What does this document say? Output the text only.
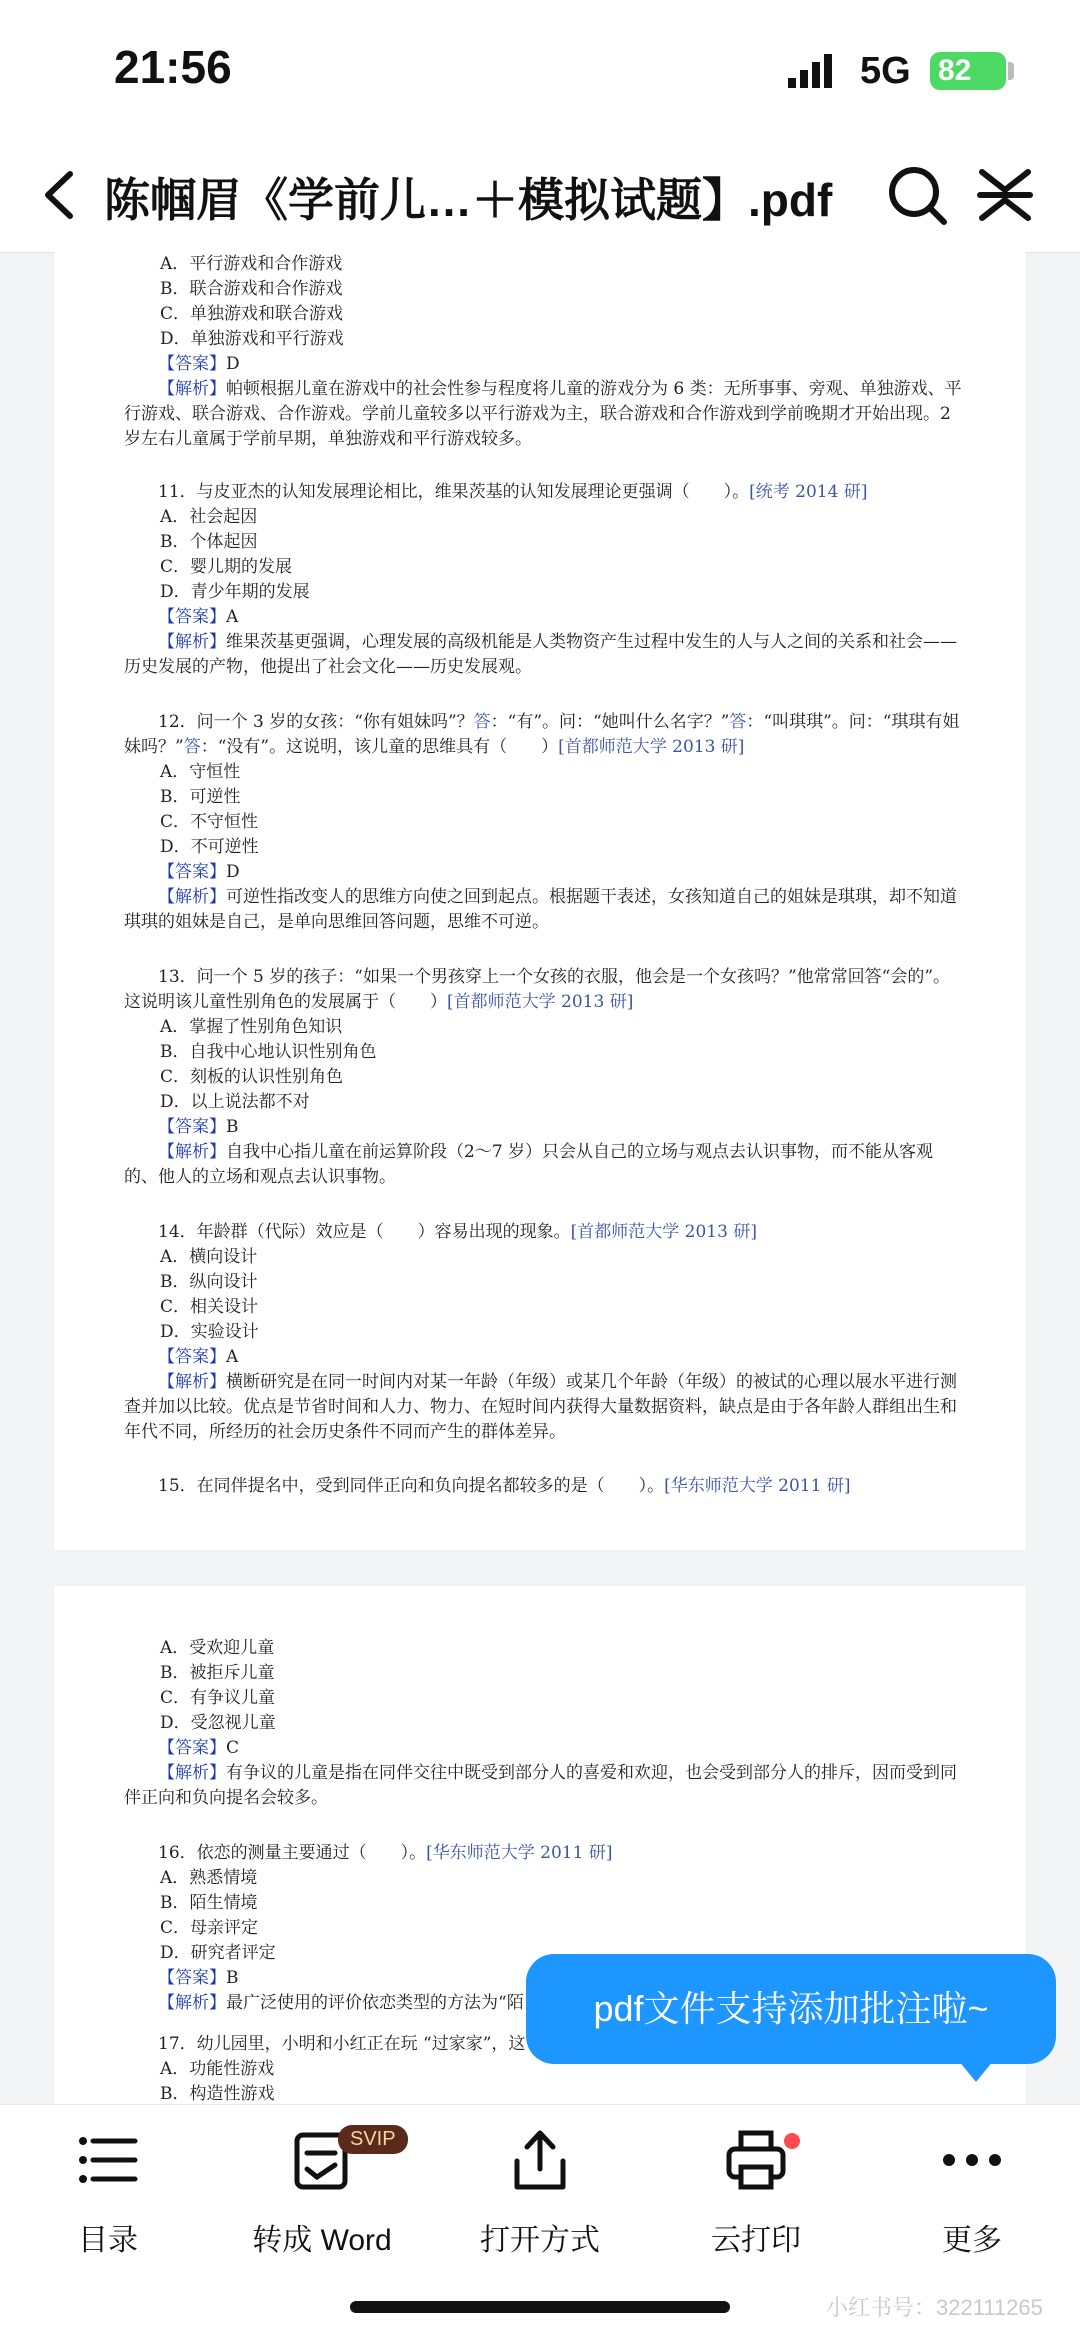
21:56	5G 82
陈帼眉《学前儿…＋模拟试题】.pdf
A．平行游戏和合作游戏
B．联合游戏和合作游戏
C．单独游戏和联合游戏
D．单独游戏和平行游戏
【答案】D
【解析】帕顿根据儿童在游戏中的社会性参与程度将儿童的游戏分为 6 类：无所事事、旁观、单独游戏、平行游戏、联合游戏、合作游戏。学前儿童较多以平行游戏为主，联合游戏和合作游戏到学前晚期才开始出现。2 岁左右儿童属于学前早期，单独游戏和平行游戏较多。
11．与皮亚杰的认知发展理论相比，维果茨基的认知发展理论更强调（　　）。[统考 2014 研]
A．社会起因
B．个体起因
C．婴儿期的发展
D．青少年期的发展
【答案】A
【解析】维果茨基更强调，心理发展的高级机能是人类物资产生过程中发生的人与人之间的关系和社会——历史发展的产物，他提出了社会文化——历史发展观。
12．问一个 3 岁的女孩：“你有姐妹吗”？答：“有”。问：“她叫什么名字？”答：“叫琪琪”。问：“琪琪有姐妹吗？”答：“没有”。这说明，该儿童的思维具有（　　）[首都师范大学 2013 研]
A．守恒性
B．可逆性
C．不守恒性
D．不可逆性
【答案】D
【解析】可逆性指改变人的思维方向使之回到起点。根据题干表述，女孩知道自己的姐妹是琪琪，却不知道琪琪的姐妹是自己，是单向思维回答问题，思维不可逆。
13．问一个 5 岁的孩子：“如果一个男孩穿上一个女孩的衣服，他会是一个女孩吗？”他常常回答“会的”。这说明该儿童性别角色的发展属于（　　）[首都师范大学 2013 研]
A．掌握了性别角色知识
B．自我中心地认识性别角色
C．刻板的认识性别角色
D．以上说法都不对
【答案】B
【解析】自我中心指儿童在前运算阶段（2～7 岁）只会从自己的立场与观点去认识事物，而不能从客观的、他人的立场和观点去认识事物。
14．年龄群（代际）效应是（　　）容易出现的现象。[首都师范大学 2013 研]
A．横向设计
B．纵向设计
C．相关设计
D．实验设计
【答案】A
【解析】横断研究是在同一时间内对某一年龄（年级）或某几个年龄（年级）的被试的心理以展水平进行测查并加以比较。优点是节省时间和人力、物力、在短时间内获得大量数据资料，缺点是由于各年龄人群组出生和年代不同，所经历的社会历史条件不同而产生的群体差异。
15．在同伴提名中，受到同伴正向和负向提名都较多的是（　　）。[华东师范大学 2011 研]
A．受欢迎儿童
B．被拒斥儿童
C．有争议儿童
D．受忽视儿童
【答案】C
【解析】有争议的儿童是指在同伴交往中既受到部分人的喜爱和欢迎，也会受到部分人的排斥，因而受到同伴正向和负向提名会较多。
16．依恋的测量主要通过（　　）。[华东师范大学 2011 研]
A．熟悉情境
B．陌生情境
C．母亲评定
D．研究者评定
【答案】B
【解析】最广泛使用的评价依恋类型的方法为“陌
17．幼儿园里，小明和小红正在玩 “过家家”，这
A．功能性游戏
B．构造性游戏
pdf文件支持添加批注啦~
目录
SVIP
转成 Word	打开方式	云打印	更多
小红书号：322111265
